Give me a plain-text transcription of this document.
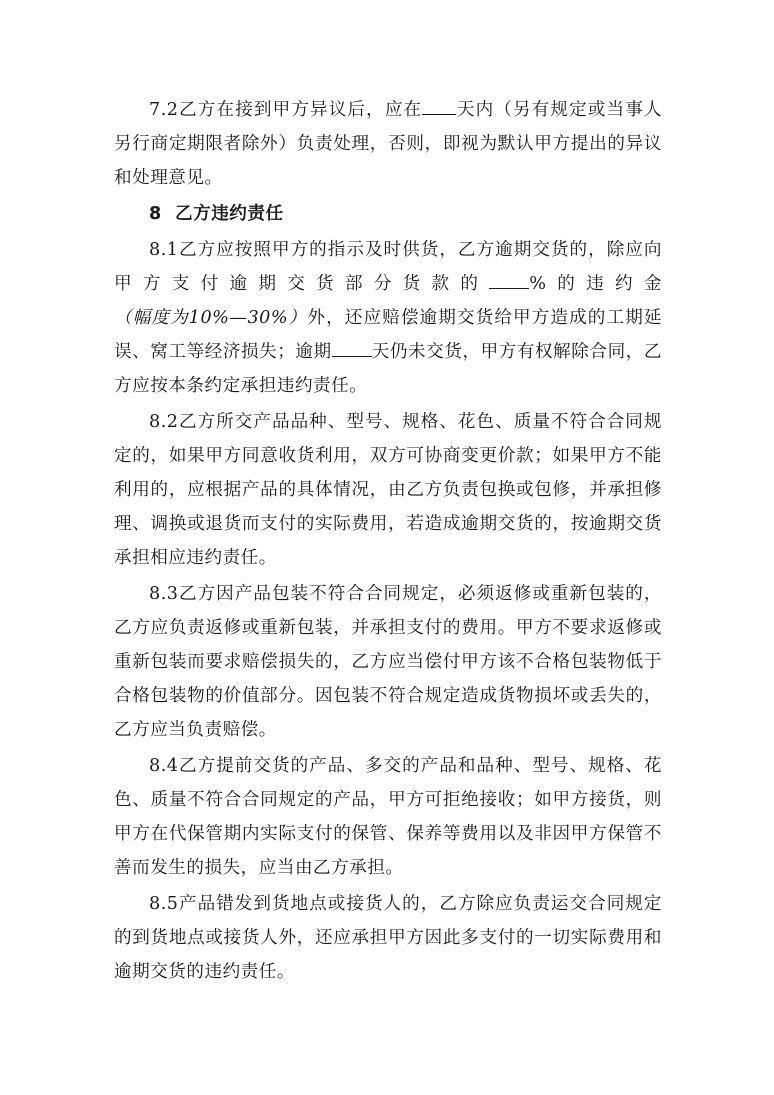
7.2乙方在接到甲方异议后，应在 天内（另有规定或当事人另行商定期限者除外）负责处理，否则，即视为默认甲方提出的异议和处理意见。

8 乙方违约责任

8.1乙方应按照甲方的指示及时供货，乙方逾期交货的，除应向甲方支付逾期交货部分货款的 %的违约金（幅度为10%—30%）外，还应赔偿逾期交货给甲方造成的工期延误、窝工等经济损失；逾期 天仍未交货，甲方有权解除合同，乙方应按本条约定承担违约责任。

8.2乙方所交产品品种、型号、规格、花色、质量不符合合同规定的，如果甲方同意收货利用，双方可协商变更价款；如果甲方不能利用的，应根据产品的具体情况，由乙方负责包换或包修，并承担修理、调换或退货而支付的实际费用，若造成逾期交货的，按逾期交货承担相应违约责任。

8.3乙方因产品包装不符合合同规定，必须返修或重新包装的，乙方应负责返修或重新包装，并承担支付的费用。甲方不要求返修或重新包装而要求赔偿损失的，乙方应当偿付甲方该不合格包装物低于合格包装物的价值部分。因包装不符合规定造成货物损坏或丢失的，乙方应当负责赔偿。

8.4乙方提前交货的产品、多交的产品和品种、型号、规格、花色、质量不符合合同规定的产品，甲方可拒绝接收；如甲方接货，则甲方在代保管期内实际支付的保管、保养等费用以及非因甲方保管不善而发生的损失，应当由乙方承担。

8.5产品错发到货地点或接货人的，乙方除应负责运交合同规定的到货地点或接货人外，还应承担甲方因此多支付的一切实际费用和逾期交货的违约责任。
